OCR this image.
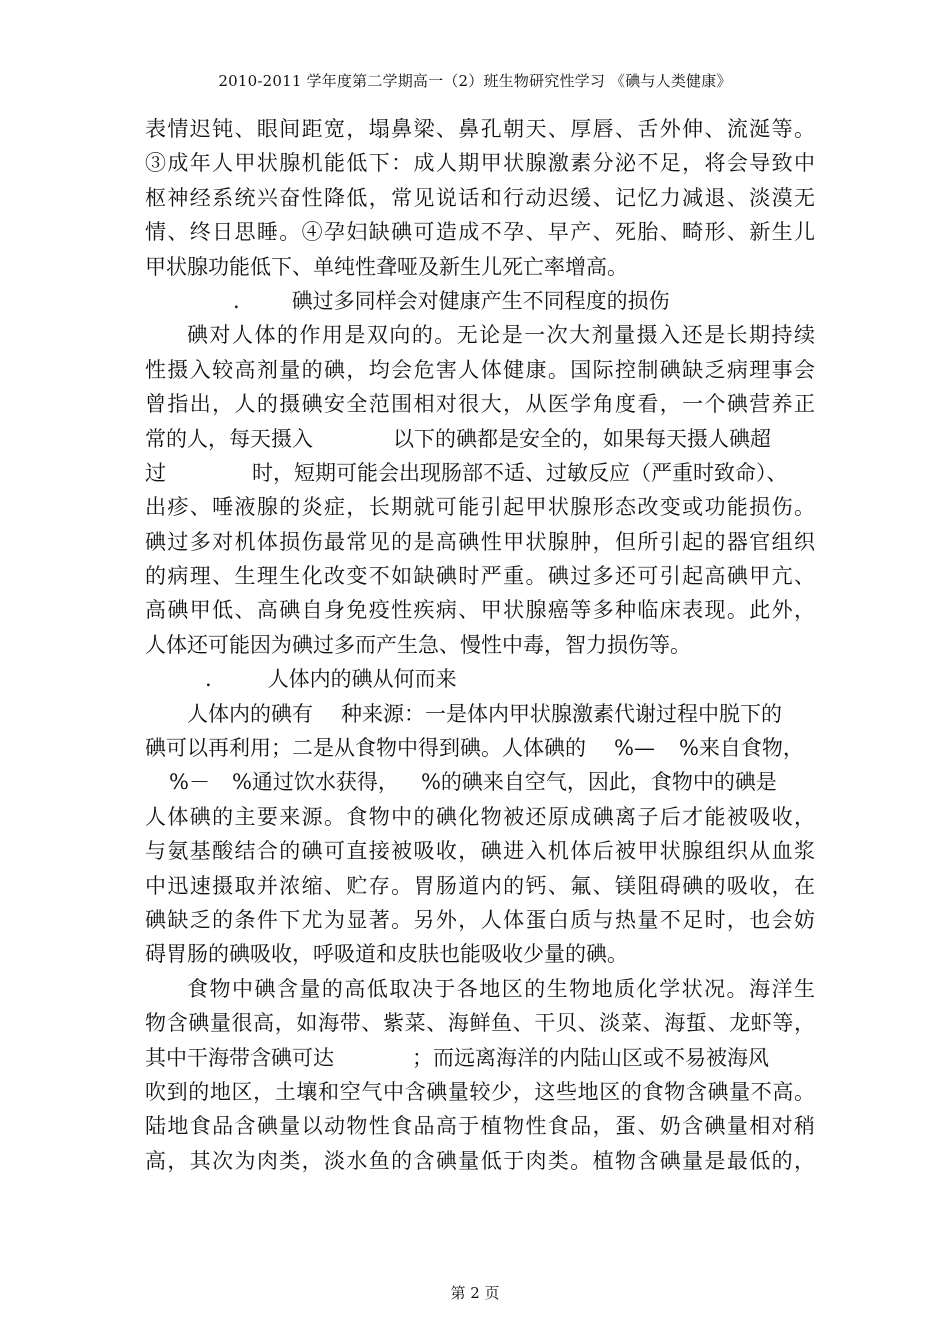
2010-2011 学年度第二学期高一（2）班生物研究性学习 《碘与人类健康》
表情迟钝、眼间距宽，塌鼻梁、鼻孔朝天、厚唇、舌外伸、流涎等。
③成年人甲状腺机能低下：成人期甲状腺激素分泌不足，将会导致中
枢神经系统兴奋性降低，常见说话和行动迟缓、记忆力减退、淡漠无
情、终日思睡。④孕妇缺碘可造成不孕、早产、死胎、畸形、新生儿
甲状腺功能低下、单纯性聋哑及新生儿死亡率增高。
. 碘过多同样会对健康产生不同程度的损伤
碘对人体的作用是双向的。无论是一次大剂量摄入还是长期持续
性摄入较高剂量的碘，均会危害人体健康。国际控制碘缺乏病理事会
曾指出，人的摄碘安全范围相对很大，从医学角度看，一个碘营养正
常的人，每天摄入	以下的碘都是安全的，如果每天摄人碘超
过	时，短期可能会出现肠部不适、过敏反应（严重时致命）、
出疹、唾液腺的炎症，长期就可能引起甲状腺形态改变或功能损伤。
碘过多对机体损伤最常见的是高碘性甲状腺肿，但所引起的器官组织
的病理、生理生化改变不如缺碘时严重。碘过多还可引起高碘甲亢、
高碘甲低、高碘自身免疫性疾病、甲状腺癌等多种临床表现。此外，
人体还可能因为碘过多而产生急、慢性中毒，智力损伤等。
.	人体内的碘从何而来
人体内的碘有 种来源：一是体内甲状腺激素代谢过程中脱下的
碘可以再利用；二是从食物中得到碘。人体碘的 %— %来自食物，
%－ %通过饮水获得， %的碘来自空气，因此，食物中的碘是
人体碘的主要来源。食物中的碘化物被还原成碘离子后才能被吸收，
与氨基酸结合的碘可直接被吸收，碘进入机体后被甲状腺组织从血浆
中迅速摄取并浓缩、贮存。胃肠道内的钙、氟、镁阻碍碘的吸收，在
碘缺乏的条件下尤为显著。另外，人体蛋白质与热量不足时，也会妨
碍胃肠的碘吸收，呼吸道和皮肤也能吸收少量的碘。
食物中碘含量的高低取决于各地区的生物地质化学状况。海洋生
物含碘量很高，如海带、紫菜、海鲜鱼、干贝、淡菜、海蜇、龙虾等，
其中干海带含碘可达	；而远离海洋的内陆山区或不易被海风
吹到的地区，土壤和空气中含碘量较少，这些地区的食物含碘量不高。
陆地食品含碘量以动物性食品高于植物性食品，蛋、奶含碘量相对稍
高，其次为肉类，淡水鱼的含碘量低于肉类。植物含碘量是最低的，
第 2 页
